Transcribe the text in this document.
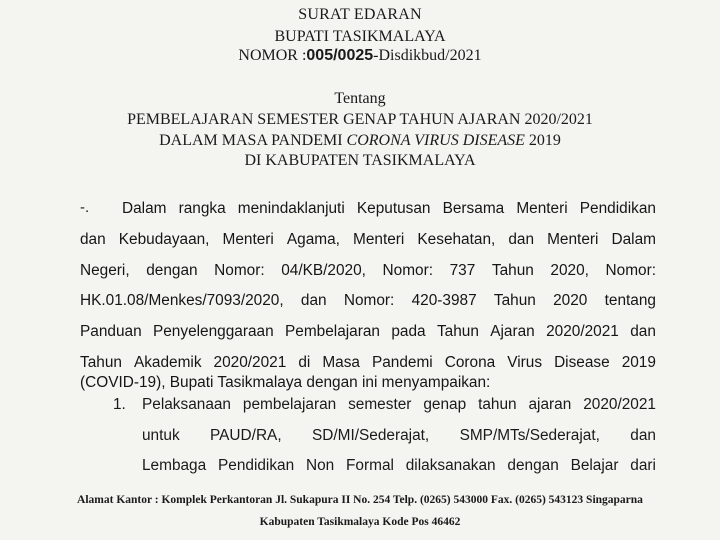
SURAT EDARAN
BUPATI TASIKMALAYA
NOMOR :005/0025-Disdikbud/2021
Tentang
PEMBELAJARAN SEMESTER GENAP TAHUN AJARAN 2020/2021
DALAM MASA PANDEMI CORONA VIRUS DISEASE 2019
DI KABUPATEN TASIKMALAYA
-. Dalam rangka menindaklanjuti Keputusan Bersama Menteri Pendidikan
dan Kebudayaan, Menteri Agama, Menteri Kesehatan, dan Menteri Dalam
Negeri, dengan Nomor: 04/KB/2020, Nomor: 737 Tahun 2020, Nomor:
HK.01.08/Menkes/7093/2020, dan Nomor: 420-3987 Tahun 2020 tentang
Panduan Penyelenggaraan Pembelajaran pada Tahun Ajaran 2020/2021 dan
Tahun Akademik 2020/2021 di Masa Pandemi Corona Virus Disease 2019
(COVID-19), Bupati Tasikmalaya dengan ini menyampaikan:
1. Pelaksanaan pembelajaran semester genap tahun ajaran 2020/2021
untuk PAUD/RA, SD/MI/Sederajat, SMP/MTs/Sederajat, dan
Lembaga Pendidikan Non Formal dilaksanakan dengan Belajar dari
Alamat Kantor : Komplek Perkantoran Jl. Sukapura II No. 254 Telp. (0265) 543000 Fax. (0265) 543123 Singaparna
Kabupaten Tasikmalaya Kode Pos 46462
